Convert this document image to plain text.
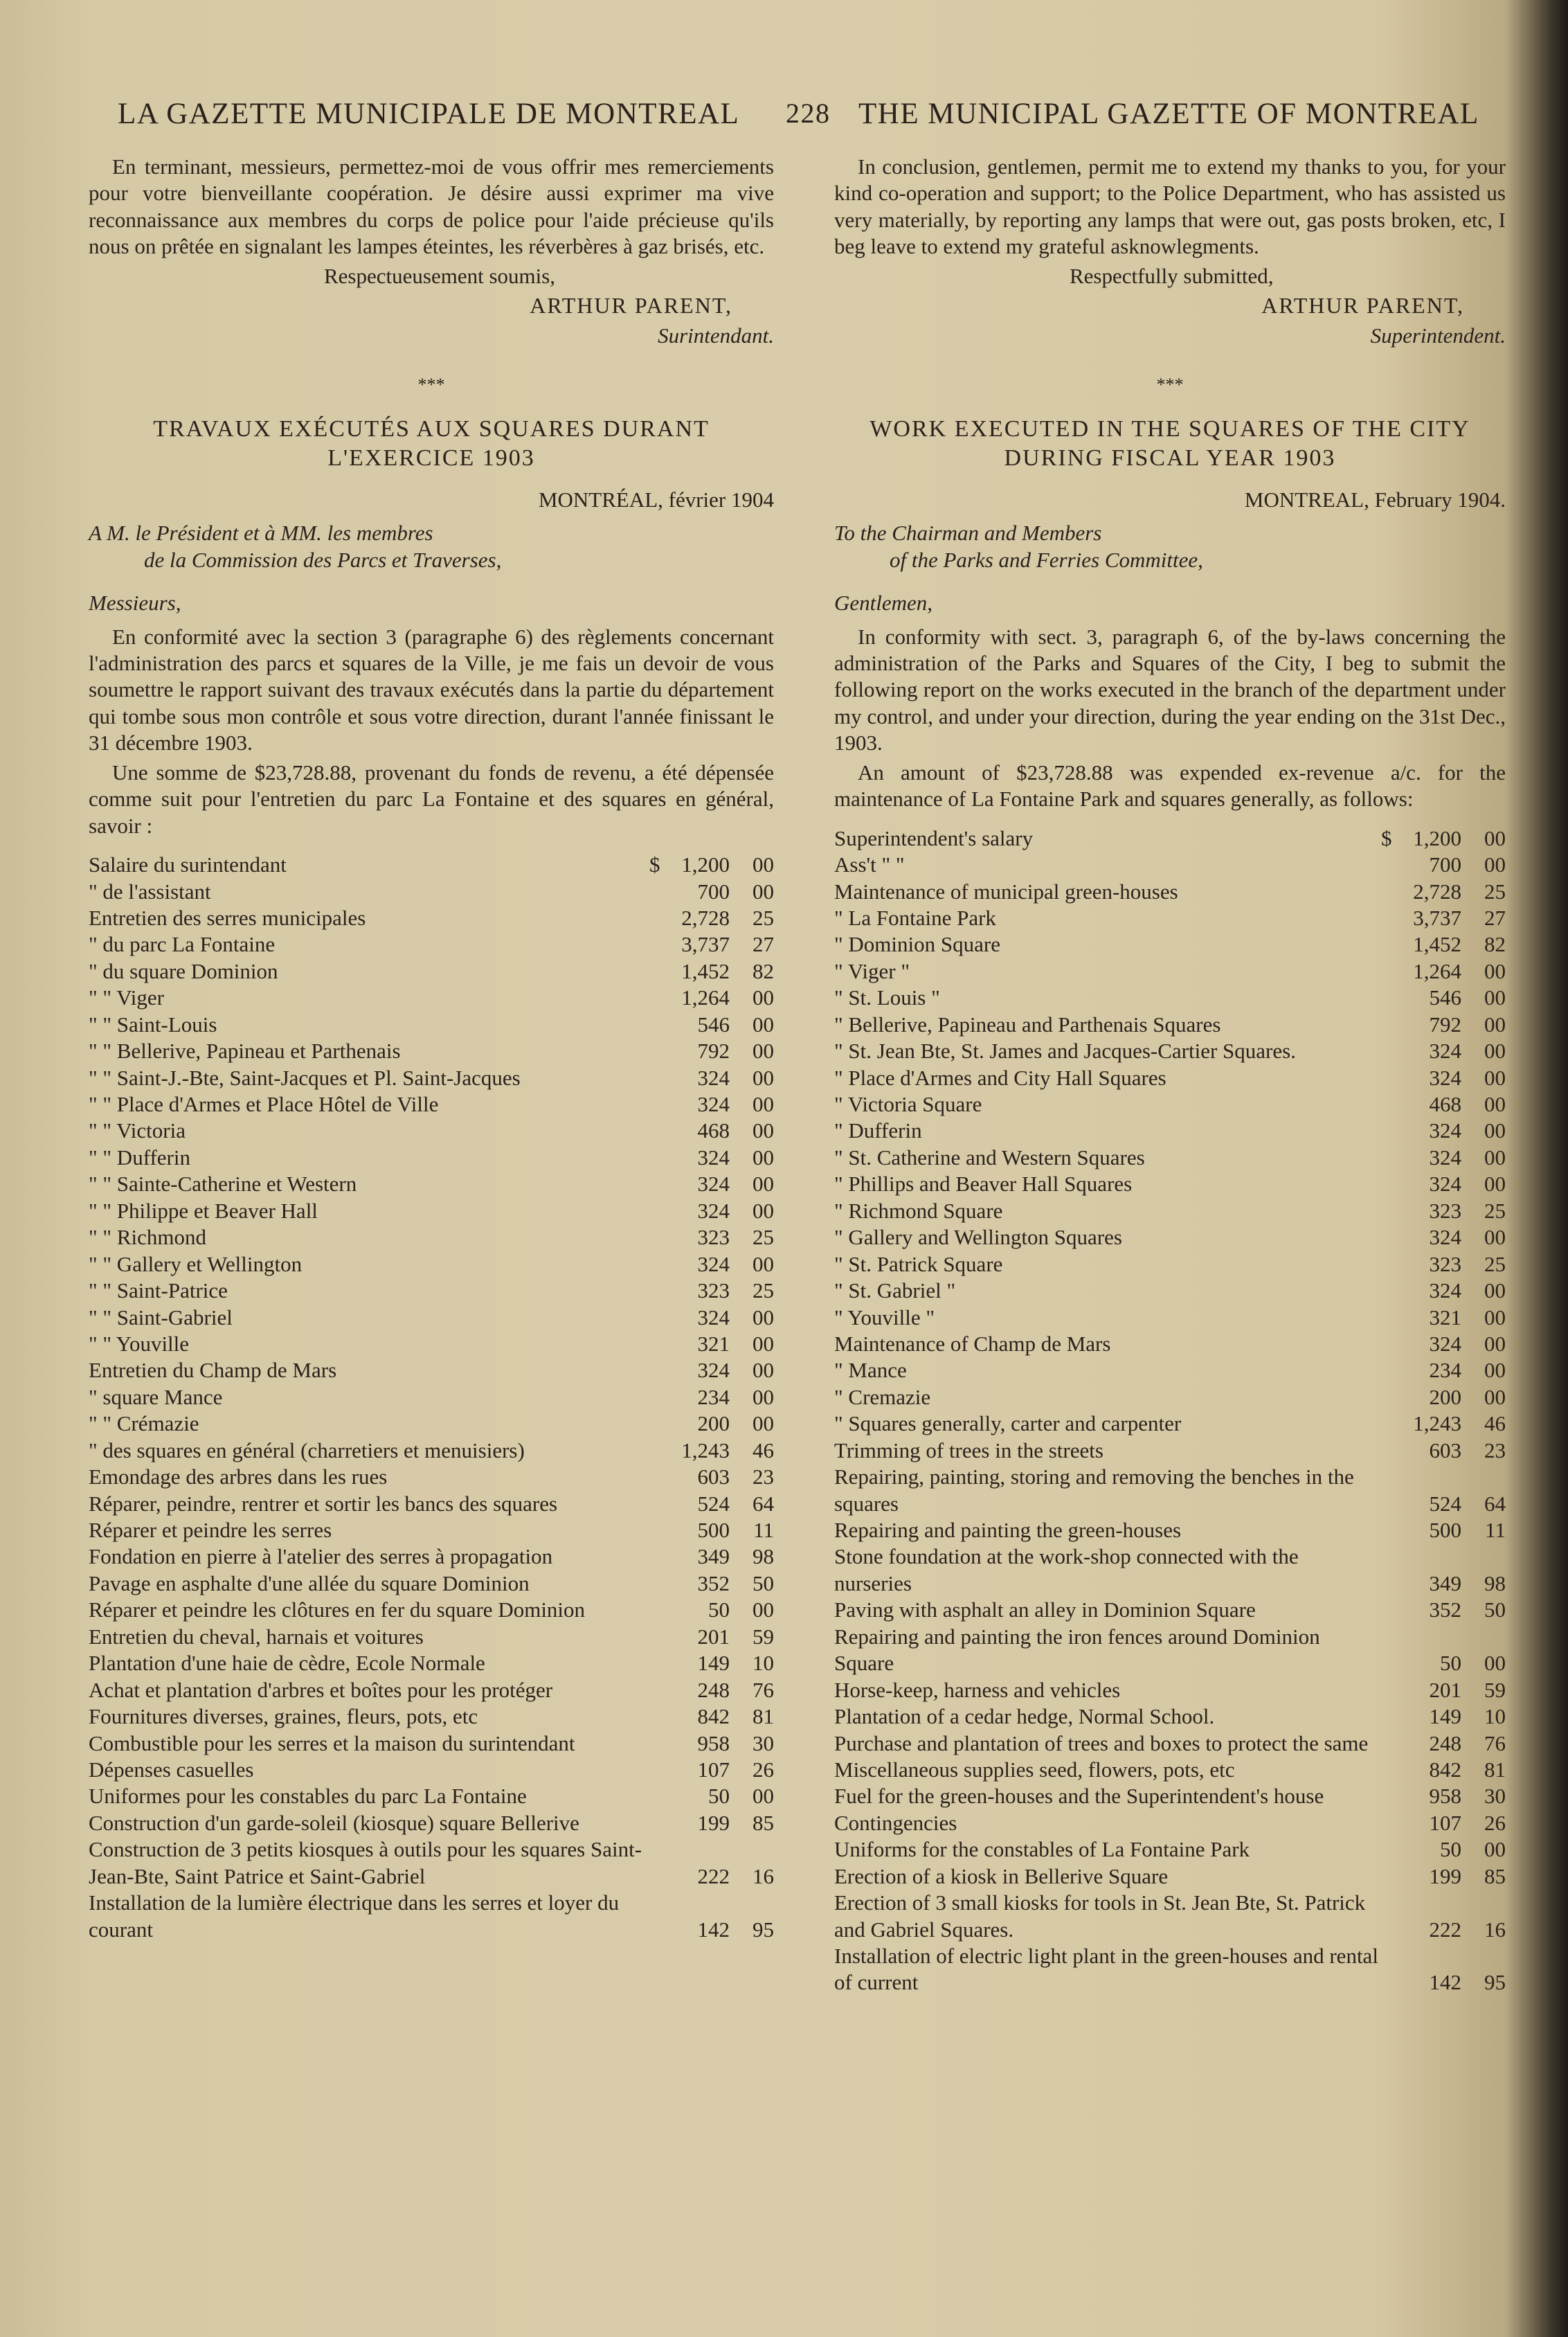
LA GAZETTE MUNICIPALE DE MONTREAL 228 THE MUNICIPAL GAZETTE OF MONTREAL

En terminant, messieurs, permettez-moi de vous offrir mes remerciements pour votre bienveillante coopération. Je désire aussi exprimer ma vive reconnaissance aux membres du corps de police pour l'aide précieuse qu'ils nous on prêtée en signalant les lampes éteintes, les réverbères à gaz brisés, etc.

Respectueusement soumis,

ARTHUR PARENT,

Surintendant.

***

TRAVAUX EXÉCUTÉS AUX SQUARES DURANT

L'EXERCICE 1903

MONTRÉAL, février 1904

A M. le Président et à MM. les membres

de la Commission des Parcs et Traverses,

Messieurs,

En conformité avec la section 3 (paragraphe 6) des règlements concernant l'administration des parcs et squares de la Ville, je me fais un devoir de vous soumettre le rapport suivant des travaux exécutés dans la partie du département qui tombe sous mon contrôle et sous votre direction, durant l'année finissant le 31 décembre 1903.

Une somme de $23,728.88, provenant du fonds de revenu, a été dépensée comme suit pour l'entretien du parc La Fontaine et des squares en général, savoir :

Salaire du surintendant	$	1,200	00
" de l'assistant		700	00
Entretien des serres municipales		2,728	25
" du parc La Fontaine		3,737	27
" du square Dominion		1,452	82
" " Viger		1,264	00
" " Saint-Louis		546	00
" " Bellerive, Papineau et Parthenais		792	00
" " Saint-J.-Bte, Saint-Jacques et Pl. Saint-Jacques		324	00
" " Place d'Armes et Place Hôtel de Ville		324	00
" " Victoria		468	00
" " Dufferin		324	00
" " Sainte-Catherine et Western		324	00
" " Philippe et Beaver Hall		324	00
" " Richmond		323	25
" " Gallery et Wellington		324	00
" " Saint-Patrice		323	25
" " Saint-Gabriel		324	00
" " Youville		321	00
Entretien du Champ de Mars		324	00
" square Mance		234	00
" " Crémazie		200	00
" des squares en général (charretiers et menuisiers)		1,243	46
Emondage des arbres dans les rues		603	23
Réparer, peindre, rentrer et sortir les bancs des squares		524	64
Réparer et peindre les serres		500	11
Fondation en pierre à l'atelier des serres à propagation		349	98
Pavage en asphalte d'une allée du square Dominion		352	50
Réparer et peindre les clôtures en fer du square Dominion		50	00
Entretien du cheval, harnais et voitures		201	59
Plantation d'une haie de cèdre, Ecole Normale		149	10
Achat et plantation d'arbres et boîtes pour les protéger		248	76
Fournitures diverses, graines, fleurs, pots, etc		842	81
Combustible pour les serres et la maison du surintendant		958	30
Dépenses casuelles		107	26
Uniformes pour les constables du parc La Fontaine		50	00
Construction d'un garde-soleil (kiosque) square Bellerive		199	85
Construction de 3 petits kiosques à outils pour les squares Saint-Jean-Bte, Saint Patrice et Saint-Gabriel		222	16
Installation de la lumière électrique dans les serres et loyer du courant		142	95

In conclusion, gentlemen, permit me to extend my thanks to you, for your kind co-operation and support; to the Police Department, who has assisted us very materially, by reporting any lamps that were out, gas posts broken, etc, I beg leave to extend my grateful asknowlegments.

Respectfully submitted,

ARTHUR PARENT,

Superintendent.

***

WORK EXECUTED IN THE SQUARES OF THE CITY

DURING FISCAL YEAR 1903

MONTREAL, February 1904.

To the Chairman and Members

of the Parks and Ferries Committee,

Gentlemen,

In conformity with sect. 3, paragraph 6, of the by-laws concerning the administration of the Parks and Squares of the City, I beg to submit the following report on the works executed in the branch of the department under my control, and under your direction, during the year ending on the 31st Dec., 1903.

An amount of $23,728.88 was expended ex-revenue a/c. for the maintenance of La Fontaine Park and squares generally, as follows:

Superintendent's salary	$	1,200	00
Ass't " "		700	00
Maintenance of municipal green-houses		2,728	25
" La Fontaine Park		3,737	27
" Dominion Square		1,452	82
" Viger "		1,264	00
" St. Louis "		546	00
" Bellerive, Papineau and Parthenais Squares		792	00
" St. Jean Bte, St. James and Jacques-Cartier Squares.		324	00
" Place d'Armes and City Hall Squares		324	00
" Victoria Square		468	00
" Dufferin		324	00
" St. Catherine and Western Squares		324	00
" Phillips and Beaver Hall Squares		324	00
" Richmond Square		323	25
" Gallery and Wellington Squares		324	00
" St. Patrick Square		323	25
" St. Gabriel "		324	00
" Youville "		321	00
Maintenance of Champ de Mars		324	00
" Mance		234	00
" Cremazie		200	00
" Squares generally, carter and carpenter		1,243	46
Trimming of trees in the streets		603	23
Repairing, painting, storing and removing the benches in the squares		524	64
Repairing and painting the green-houses		500	11
Stone foundation at the work-shop connected with the nurseries		349	98
Paving with asphalt an alley in Dominion Square		352	50
Repairing and painting the iron fences around Dominion Square		50	00
Horse-keep, harness and vehicles		201	59
Plantation of a cedar hedge, Normal School.		149	10
Purchase and plantation of trees and boxes to protect the same		248	76
Miscellaneous supplies seed, flowers, pots, etc		842	81
Fuel for the green-houses and the Superintendent's house		958	30
Contingencies		107	26
Uniforms for the constables of La Fontaine Park		50	00
Erection of a kiosk in Bellerive Square		199	85
Erection of 3 small kiosks for tools in St. Jean Bte, St. Patrick and Gabriel Squares.		222	16
Installation of electric light plant in the green-houses and rental of current		142	95
